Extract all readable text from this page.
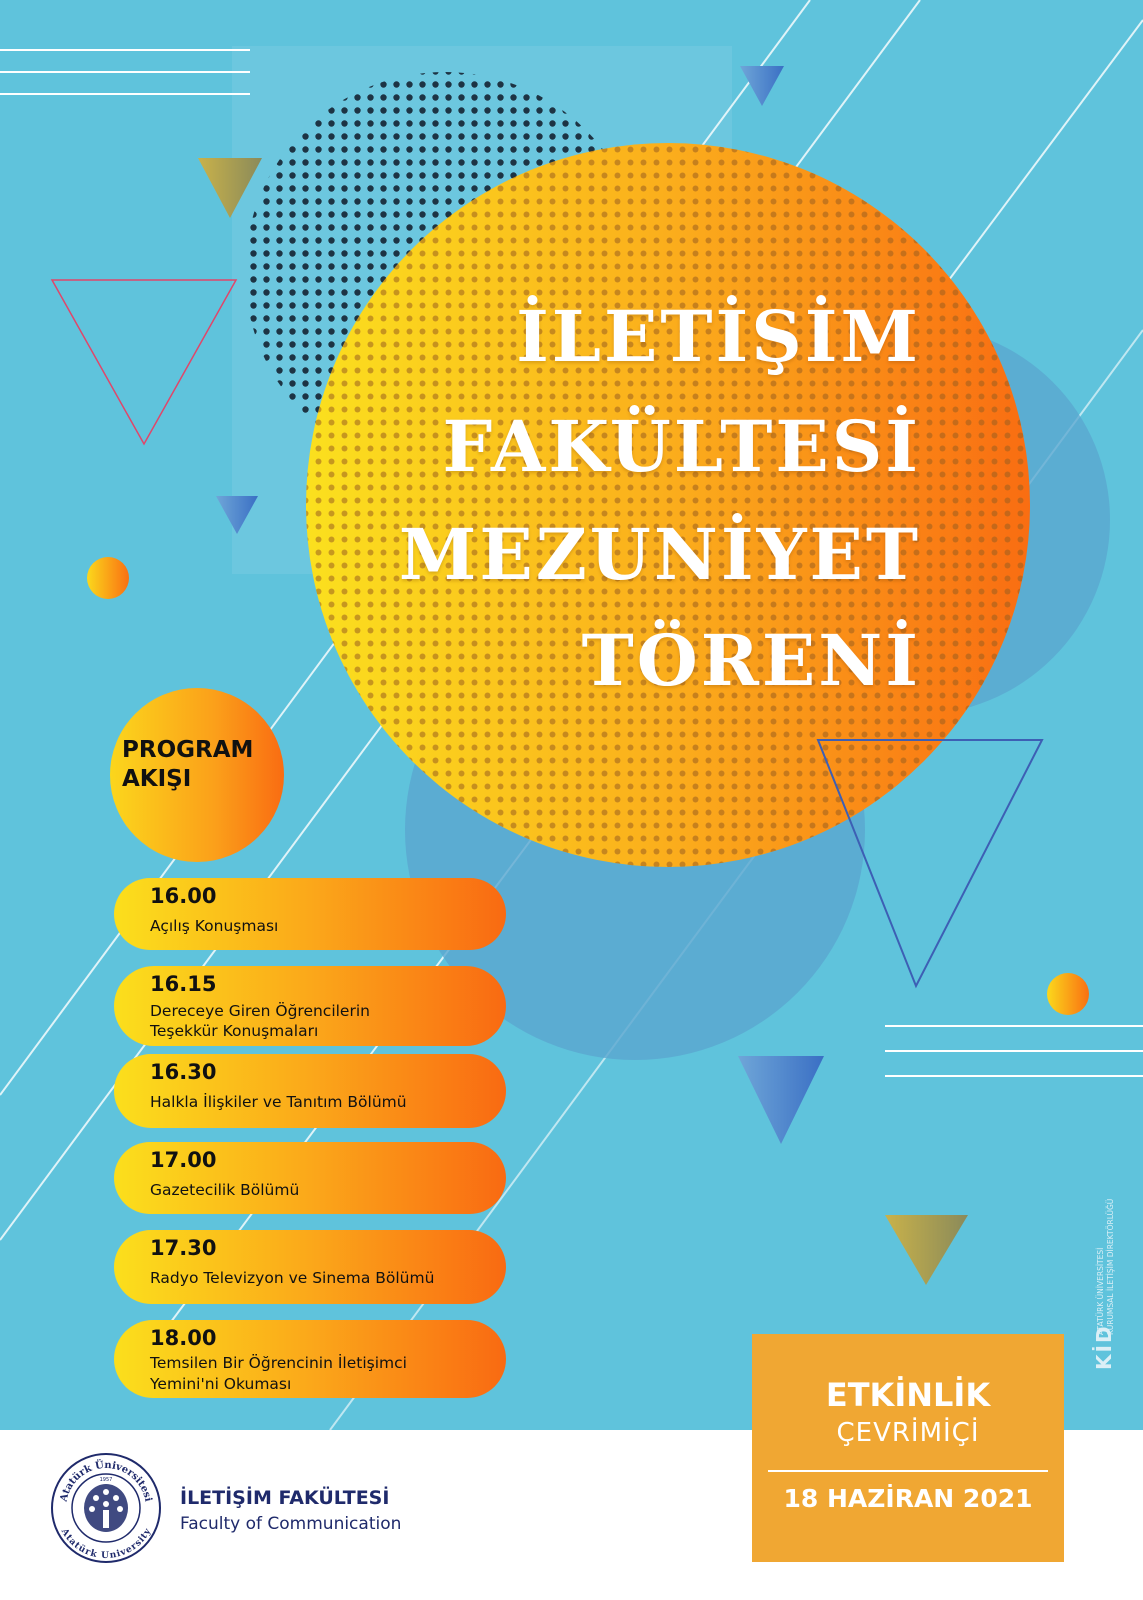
İLETİŞİM
FAKÜLTESİ
MEZUNİYET
TÖRENİ
PROGRAM
AKIŞI
16.00
Açılış Konuşması
16.15
Dereceye Giren Öğrencilerin
Teşekkür Konuşmaları
16.30
Halkla İlişkiler ve Tanıtım Bölümü
17.00
Gazetecilik Bölümü
17.30
Radyo Televizyon ve Sinema Bölümü
18.00
Temsilen Bir Öğrencinin İletişimci
Yemini'ni Okuması
KİD
ATATÜRK ÜNİVERSİTESİ KURUMSAL İLETİŞİM DİREKTÖRLÜĞÜ
Atatürk Üniversitesi
Atatürk University
1957
İLETİŞİM FAKÜLTESİ
Faculty of Communication
ETKİNLİK
ÇEVRİMİÇİ
18 HAZİRAN 2021
